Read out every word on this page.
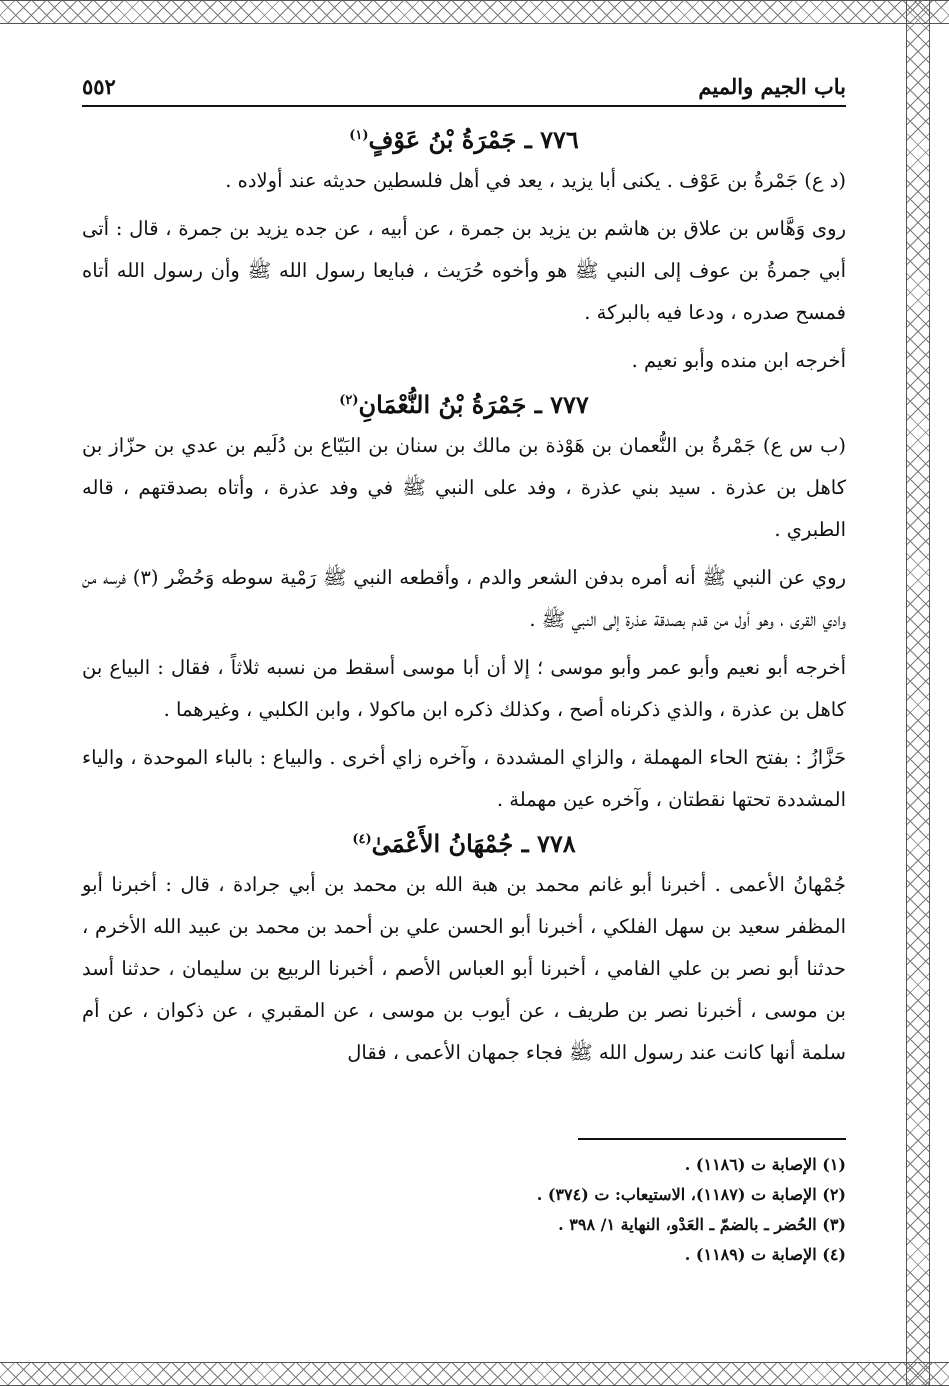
باب الجيم والميم
٥٥٢
٧٧٦ ـ جَمْرَةُ بْنُ عَوْفٍ$^{(١)}$

(د ع) جَمْرةُ بن عَوْف . يكنى أبا يزيد ، يعد في أهل فلسطين حديثه عند أولاده .

روى وَهَّاس بن علاق بن هاشم بن يزيد بن جمرة ، عن أبيه ، عن جده يزيد بن جمرة ، قال : أتى أبي جمرةُ بن عوف إلى النبي ﷺ هو وأخوه حُرَيث ، فبايعا رسول الله ﷺ وأن رسول الله أتاه فمسح صدره ، ودعا فيه بالبركة .

أخرجه ابن منده وأبو نعيم .

٧٧٧ ـ جَمْرَةُ بْنُ النُّعْمَانِ$^{(٢)}$

(ب س ع) جَمْرةُ بن النُّعمان بن هَوْذة بن مالك بن سنان بن البَيّاع بن دُلَيم بن عدي بن حزّاز بن كاهل بن عذرة . سيد بني عذرة ، وفد على النبي ﷺ في وفد عذرة ، وأتاه بصدقتهم ، قاله الطبري .

روي عن النبي ﷺ أنه أمره بدفن الشعر والدم ، وأقطعه النبي ﷺ رَمْية سوطه وَحُضْر (٣) فرسه من وادي القرى ، وهو أول من قدم بصدقة عذرة إلى النبي ﷺ .

أخرجه أبو نعيم وأبو عمر وأبو موسى ؛ إلا أن أبا موسى أسقط من نسبه ثلاثاً ، فقال : البياع بن كاهل بن عذرة ، والذي ذكرناه أصح ، وكذلك ذكره ابن ماكولا ، وابن الكلبي ، وغيرهما .

حَزَّازُ : بفتح الحاء المهملة ، والزاي المشددة ، وآخره زاي أخرى . والبياع : بالباء الموحدة ، والياء المشددة تحتها نقطتان ، وآخره عين مهملة .

٧٧٨ ـ جُمْهَانُ الأَعْمَىٰ$^{(٤)}$

جُمْهانُ الأعمى . أخبرنا أبو غانم محمد بن هبة الله بن محمد بن أبي جرادة ، قال : أخبرنا أبو المظفر سعيد بن سهل الفلكي ، أخبرنا أبو الحسن علي بن أحمد بن محمد بن عبيد الله الأخرم ، حدثنا أبو نصر بن علي الفامي ، أخبرنا أبو العباس الأصم ، أخبرنا الربيع بن سليمان ، حدثنا أسد بن موسى ، أخبرنا نصر بن طريف ، عن أيوب بن موسى ، عن المقبري ، عن ذكوان ، عن أم سلمة أنها كانت عند رسول الله ﷺ فجاء جمهان الأعمى ، فقال

(١) الإصابة ت (١١٨٦) .
(٢) الإصابة ت (١١٨٧)، الاستيعاب: ت (٣٧٤) .
(٣) الحُضر ـ بالضمّ ـ العَدْو، النهاية ١/ ٣٩٨ .
(٤) الإصابة ت (١١٨٩) .
